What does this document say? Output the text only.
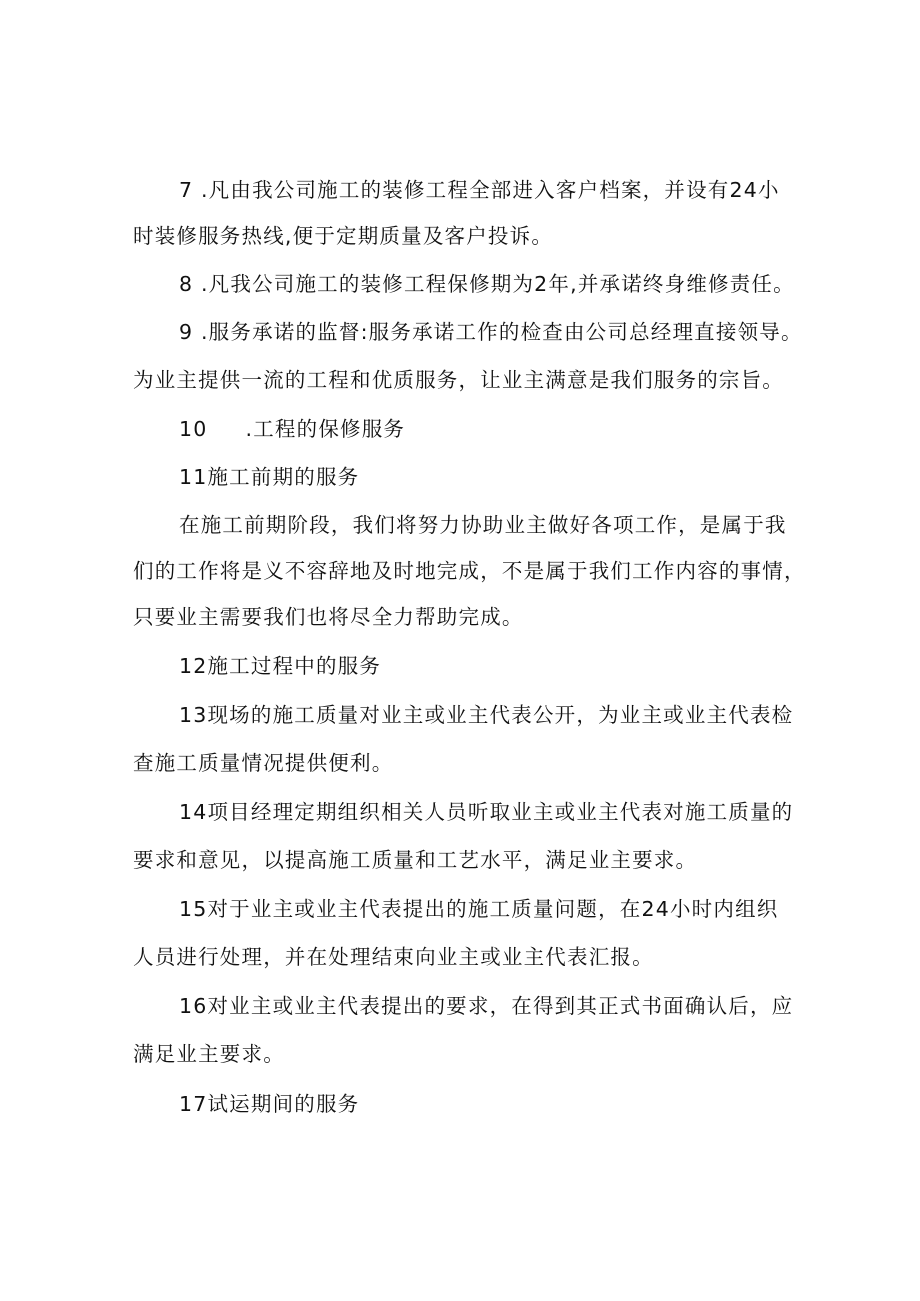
7 .凡由我公司施工的装修工程全部进入客户档案，并设有24小
时装修服务热线,便于定期质量及客户投诉。
8 .凡我公司施工的装修工程保修期为2年,并承诺终身维修责任。
9 .服务承诺的监督:服务承诺工作的检查由公司总经理直接领导。
为业主提供一流的工程和优质服务，让业主满意是我们服务的宗旨。
10 .工程的保修服务
11施工前期的服务
在施工前期阶段，我们将努力协助业主做好各项工作，是属于我
们的工作将是义不容辞地及时地完成，不是属于我们工作内容的事情，
只要业主需要我们也将尽全力帮助完成。
12施工过程中的服务
13现场的施工质量对业主或业主代表公开，为业主或业主代表检
查施工质量情况提供便利。
14项目经理定期组织相关人员听取业主或业主代表对施工质量的
要求和意见，以提高施工质量和工艺水平，满足业主要求。
15对于业主或业主代表提出的施工质量问题，在24小时内组织
人员进行处理，并在处理结束向业主或业主代表汇报。
16对业主或业主代表提出的要求，在得到其正式书面确认后，应
满足业主要求。
17试运期间的服务
